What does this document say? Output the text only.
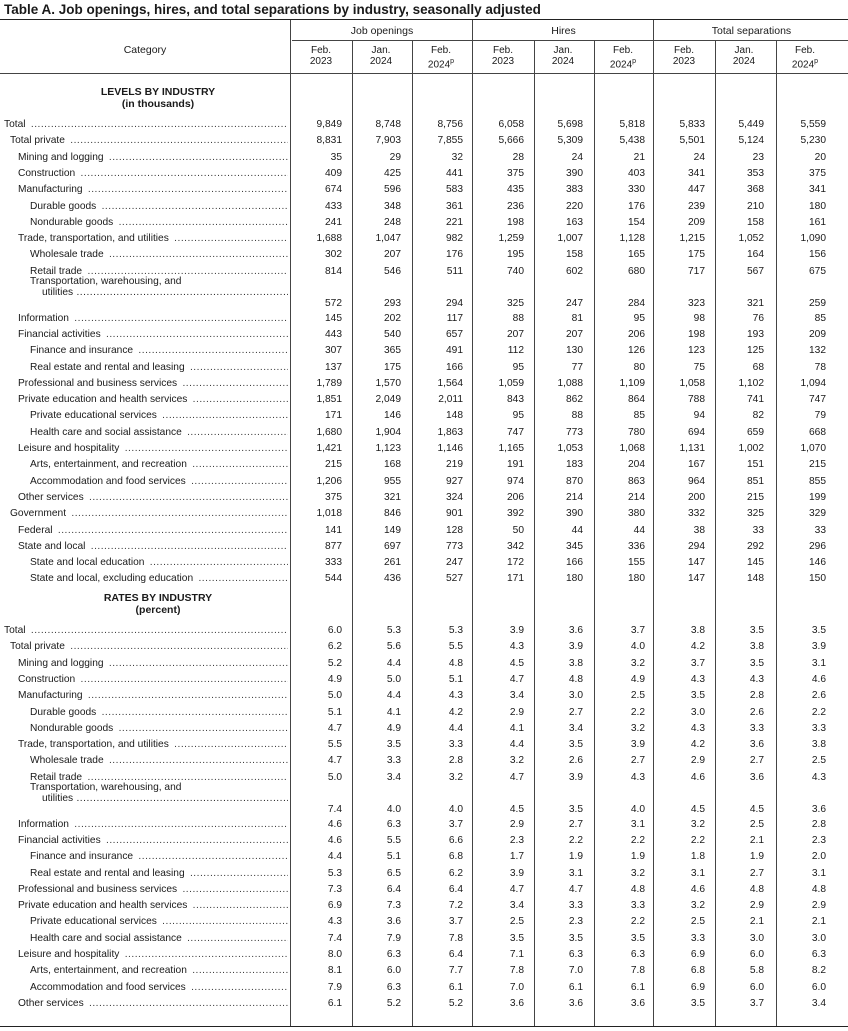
Table A. Job openings, hires, and total separations by industry, seasonally adjusted
Category
Job openings	Hires	Total separations
Feb.
2023
Jan.
2024
Feb.
2024$^p$
Feb.
2023
Jan.
2024
Feb.
2024$^p$
Feb.
2023
Jan.
2024
Feb.
2024$^p$
LEVELS BY INDUSTRY
(in thousands)
Total .....	9,849	8,748	8,756	6,058	5,698	5,818	5,833	5,449	5,559
Total private .....	8,831	7,903	7,855	5,666	5,309	5,438	5,501	5,124	5,230
Mining and logging .....	35	29	32	28	24	21	24	23	20
Construction .....	409	425	441	375	390	403	341	353	375
Manufacturing .....	674	596	583	435	383	330	447	368	341
Durable goods .....	433	348	361	236	220	176	239	210	180
Nondurable goods .....	241	248	221	198	163	154	209	158	161
Trade, transportation, and utilities .....	1,688	1,047	982	1,259	1,007	1,128	1,215	1,052	1,090
Wholesale trade .....	302	207	176	195	158	165	175	164	156
Retail trade .....	814	546	511	740	602	680	717	567	675
Transportation, warehousing, and
utilities .....
572	293	294	325	247	284	323	321	259
Information .....	145	202	117	88	81	95	98	76	85
Financial activities .....	443	540	657	207	207	206	198	193	209
Finance and insurance .....	307	365	491	112	130	126	123	125	132
Real estate and rental and leasing .....	137	175	166	95	77	80	75	68	78
Professional and business services .....	1,789	1,570	1,564	1,059	1,088	1,109	1,058	1,102	1,094
Private education and health services .....	1,851	2,049	2,011	843	862	864	788	741	747
Private educational services .....	171	146	148	95	88	85	94	82	79
Health care and social assistance .....	1,680	1,904	1,863	747	773	780	694	659	668
Leisure and hospitality .....	1,421	1,123	1,146	1,165	1,053	1,068	1,131	1,002	1,070
Arts, entertainment, and recreation .....	215	168	219	191	183	204	167	151	215
Accommodation and food services .....	1,206	955	927	974	870	863	964	851	855
Other services .....	375	321	324	206	214	214	200	215	199
Government .....	1,018	846	901	392	390	380	332	325	329
Federal .....	141	149	128	50	44	44	38	33	33
State and local .....	877	697	773	342	345	336	294	292	296
State and local education .....	333	261	247	172	166	155	147	145	146
State and local, excluding education .....	544	436	527	171	180	180	147	148	150
RATES BY INDUSTRY
(percent)
Total .....	6.0	5.3	5.3	3.9	3.6	3.7	3.8	3.5	3.5
Total private .....	6.2	5.6	5.5	4.3	3.9	4.0	4.2	3.8	3.9
Mining and logging .....	5.2	4.4	4.8	4.5	3.8	3.2	3.7	3.5	3.1
Construction .....	4.9	5.0	5.1	4.7	4.8	4.9	4.3	4.3	4.6
Manufacturing .....	5.0	4.4	4.3	3.4	3.0	2.5	3.5	2.8	2.6
Durable goods .....	5.1	4.1	4.2	2.9	2.7	2.2	3.0	2.6	2.2
Nondurable goods .....	4.7	4.9	4.4	4.1	3.4	3.2	4.3	3.3	3.3
Trade, transportation, and utilities .....	5.5	3.5	3.3	4.4	3.5	3.9	4.2	3.6	3.8
Wholesale trade .....	4.7	3.3	2.8	3.2	2.6	2.7	2.9	2.7	2.5
Retail trade .....	5.0	3.4	3.2	4.7	3.9	4.3	4.6	3.6	4.3
Transportation, warehousing, and
utilities .....
7.4	4.0	4.0	4.5	3.5	4.0	4.5	4.5	3.6
Information .....	4.6	6.3	3.7	2.9	2.7	3.1	3.2	2.5	2.8
Financial activities .....	4.6	5.5	6.6	2.3	2.2	2.2	2.2	2.1	2.3
Finance and insurance .....	4.4	5.1	6.8	1.7	1.9	1.9	1.8	1.9	2.0
Real estate and rental and leasing .....	5.3	6.5	6.2	3.9	3.1	3.2	3.1	2.7	3.1
Professional and business services .....	7.3	6.4	6.4	4.7	4.7	4.8	4.6	4.8	4.8
Private education and health services .....	6.9	7.3	7.2	3.4	3.3	3.3	3.2	2.9	2.9
Private educational services .....	4.3	3.6	3.7	2.5	2.3	2.2	2.5	2.1	2.1
Health care and social assistance .....	7.4	7.9	7.8	3.5	3.5	3.5	3.3	3.0	3.0
Leisure and hospitality .....	8.0	6.3	6.4	7.1	6.3	6.3	6.9	6.0	6.3
Arts, entertainment, and recreation .....	8.1	6.0	7.7	7.8	7.0	7.8	6.8	5.8	8.2
Accommodation and food services .....	7.9	6.3	6.1	7.0	6.1	6.1	6.9	6.0	6.0
Other services .....	6.1	5.2	5.2	3.6	3.6	3.6	3.5	3.7	3.4
